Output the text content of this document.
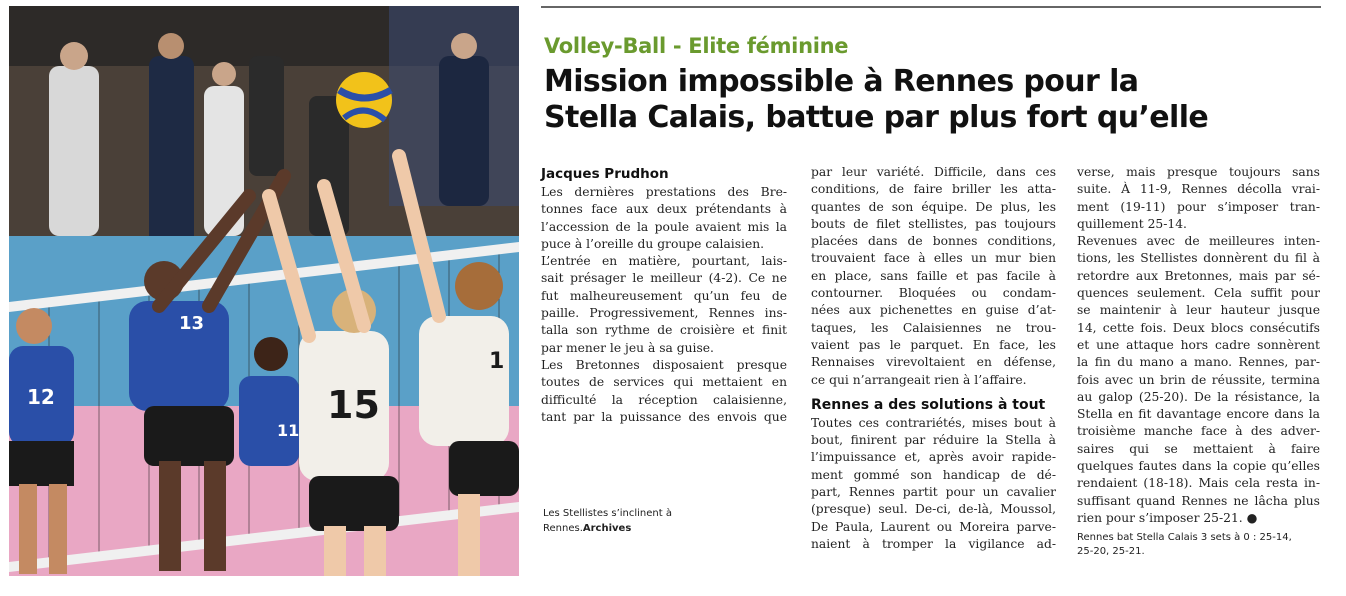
13
15
1
12
11
Volley-Ball - Elite féminine
Mission impossible à Rennes pour la
Stella Calais, battue par plus fort qu’elle
Jacques Prudhon
Les dernières prestations des Bre-
tonnes face aux deux prétendants à
l’accession de la poule avaient mis la
puce à l’oreille du groupe calaisien.
L’entrée en matière, pourtant, lais-
sait présager le meilleur (4-2). Ce ne
fut malheureusement qu’un feu de
paille. Progressivement, Rennes ins-
talla son rythme de croisière et finit
par mener le jeu à sa guise.
Les Bretonnes disposaient presque
toutes de services qui mettaient en
difficulté la réception calaisienne,
tant par la puissance des envois que
par leur variété. Difficile, dans ces
conditions, de faire briller les atta-
quantes de son équipe. De plus, les
bouts de filet stellistes, pas toujours
placées dans de bonnes conditions,
trouvaient face à elles un mur bien
en place, sans faille et pas facile à
contourner. Bloquées ou condam-
nées aux pichenettes en guise d’at-
taques, les Calaisiennes ne trou-
vaient pas le parquet. En face, les
Rennaises virevoltaient en défense,
ce qui n’arrangeait rien à l’affaire.
Rennes a des solutions à tout
Toutes ces contrariétés, mises bout à
bout, finirent par réduire la Stella à
l’impuissance et, après avoir rapide-
ment gommé son handicap de dé-
part, Rennes partit pour un cavalier
(presque) seul. De-ci, de-là, Moussol,
De Paula, Laurent ou Moreira parve-
naient à tromper la vigilance ad-
verse, mais presque toujours sans
suite. À 11-9, Rennes décolla vrai-
ment (19-11) pour s’imposer tran-
quillement 25-14.
Revenues avec de meilleures inten-
tions, les Stellistes donnèrent du fil à
retordre aux Bretonnes, mais par sé-
quences seulement. Cela suffit pour
se maintenir à leur hauteur jusque
14, cette fois. Deux blocs consécutifs
et une attaque hors cadre sonnèrent
la fin du mano a mano. Rennes, par-
fois avec un brin de réussite, termina
au galop (25-20). De la résistance, la
Stella en fit davantage encore dans la
troisième manche face à des adver-
saires qui se mettaient à faire
quelques fautes dans la copie qu’elles
rendaient (18-18). Mais cela resta in-
suffisant quand Rennes ne lâcha plus
rien pour s’imposer 25-21. ●
Rennes bat Stella Calais 3 sets à 0 : 25-14,
25-20, 25-21.
Les Stellistes s’inclinent à
Rennes.Archives
